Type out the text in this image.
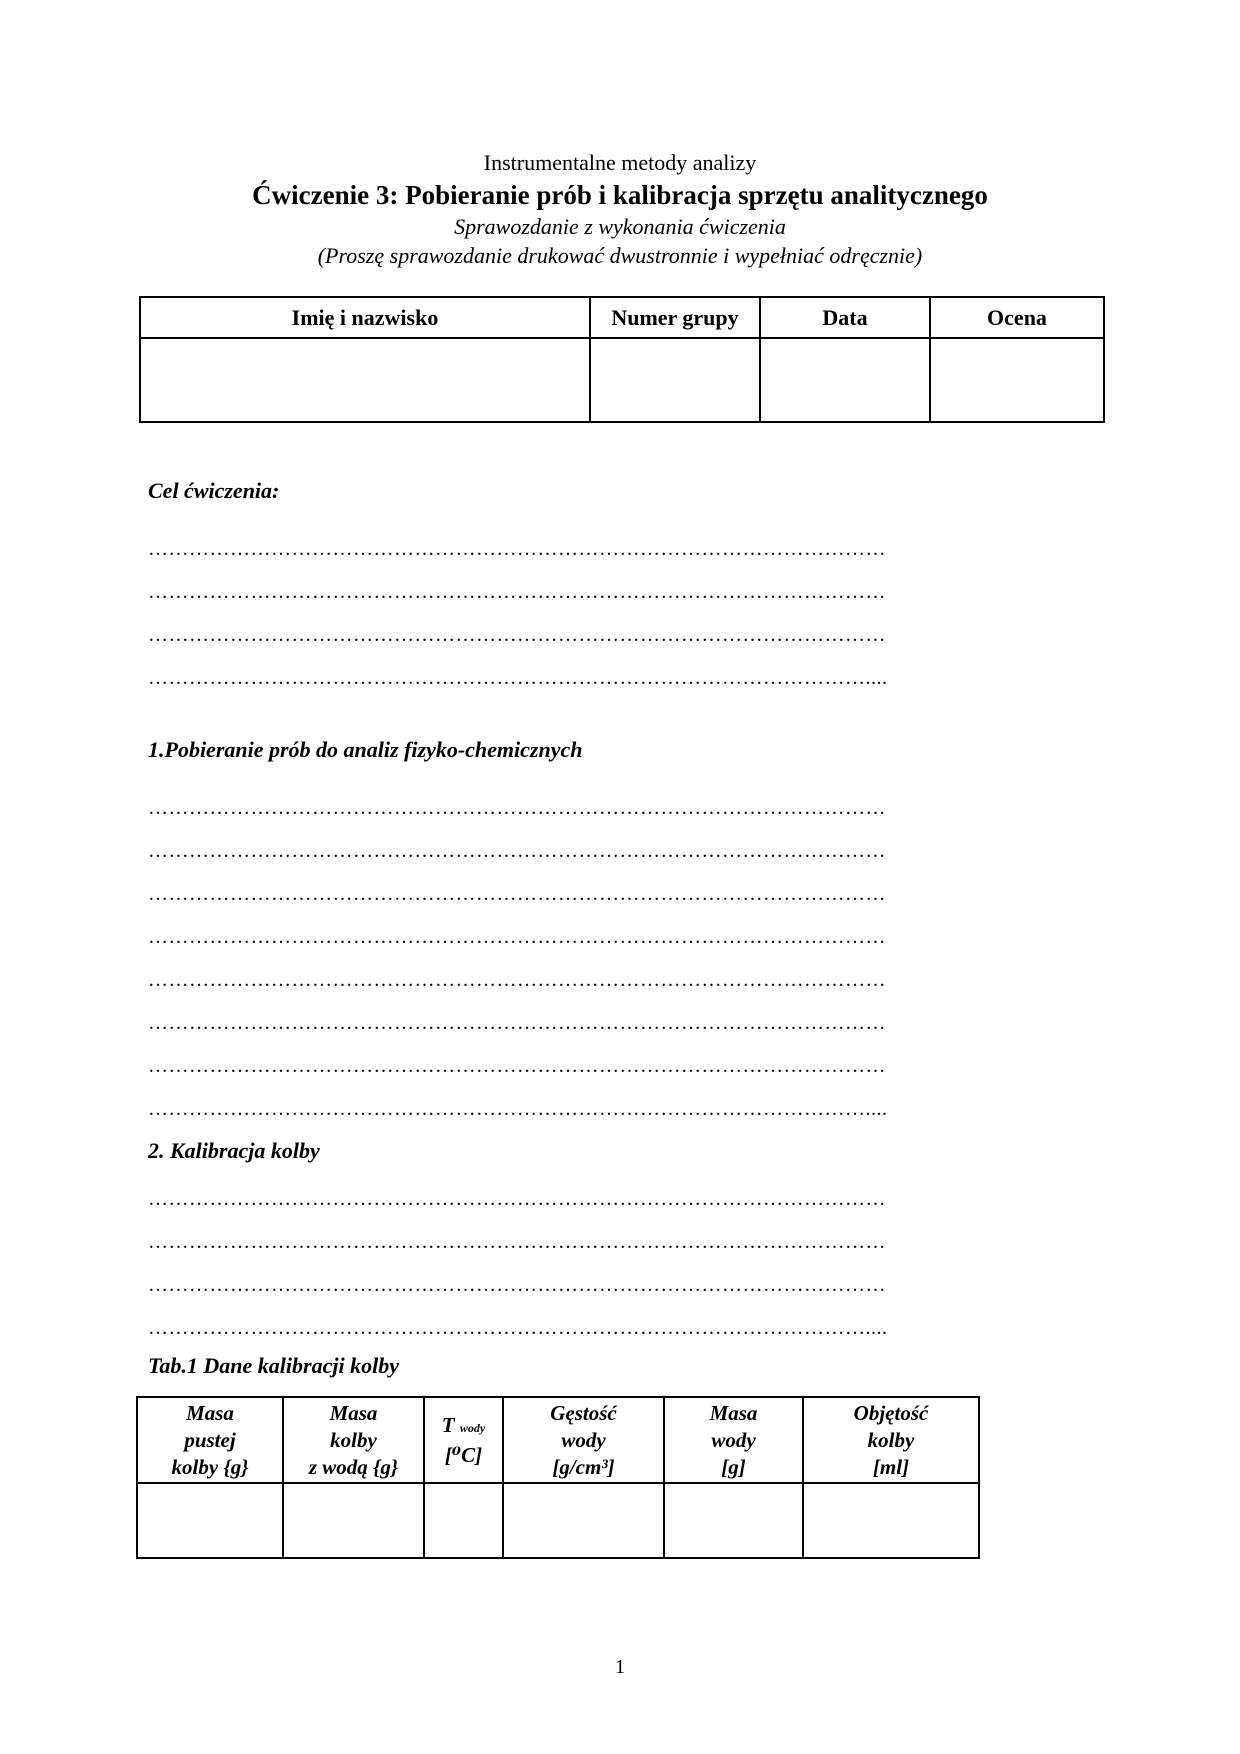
Instrumentalne metody analizy
Ćwiczenie 3: Pobieranie prób i kalibracja sprzętu analitycznego
Sprawozdanie z wykonania ćwiczenia
(Proszę sprawozdanie drukować dwustronnie i wypełniać odręcznie)
Imię i nazwisko	Numer grupy	Data	Ocena

Cel ćwiczenia:
………………………………………………………………………………………………
………………………………………………………………………………………………
………………………………………………………………………………………………
……………………………………………………………………………………………....
1.Pobieranie prób do analiz fizyko-chemicznych
………………………………………………………………………………………………
………………………………………………………………………………………………
………………………………………………………………………………………………
………………………………………………………………………………………………
………………………………………………………………………………………………
………………………………………………………………………………………………
………………………………………………………………………………………………
……………………………………………………………………………………………....
2. Kalibracja kolby
………………………………………………………………………………………………
………………………………………………………………………………………………
………………………………………………………………………………………………
……………………………………………………………………………………………....
Tab.1 Dane kalibracji kolby
Masa
pustej
kolby {g}	Masa
kolby
z wodą {g}	T wody
[⁰C]	Gęstość
wody
[g/cm³]	Masa
wody
[g]	Objętość
kolby
[ml]

1
